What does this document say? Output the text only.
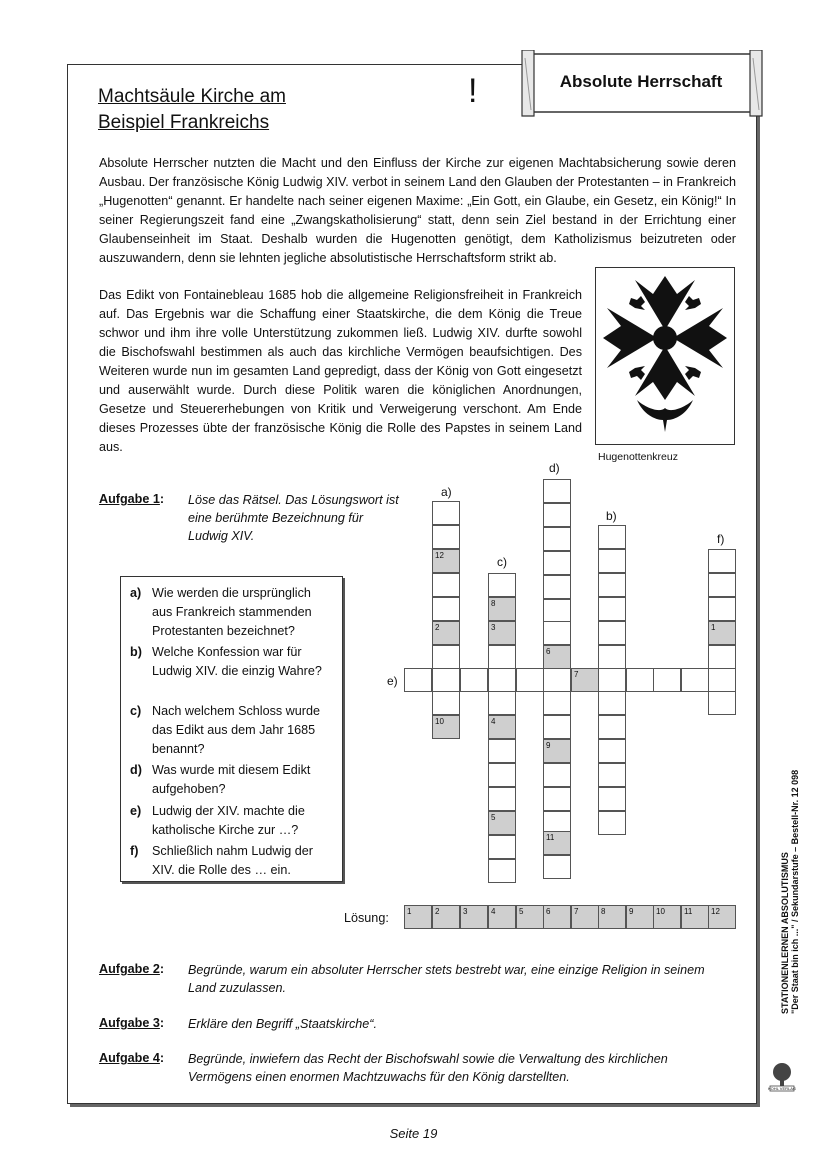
Absolute Herrschaft
!
Machtsäule Kirche am
Beispiel Frankreichs

Absolute Herrscher nutzten die Macht und den Einfluss der Kirche zur eigenen Machtabsicherung sowie deren Ausbau. Der französische König Ludwig XIV. verbot in seinem Land den Glauben der Protestanten – in Frankreich „Hugenotten“ genannt. Er handelte nach seiner eigenen Maxime: „Ein Gott, ein Glaube, ein Gesetz, ein König!“ In seiner Regierungszeit fand eine „Zwangskatholisierung“ statt, denn sein Ziel bestand in der Errichtung einer Glaubenseinheit im Staat. Deshalb wurden die Hugenotten genötigt, dem Katholizismus beizutreten oder auszuwandern, denn sie lehnten jegliche absolutistische Herrschaftsform strikt ab.

Das Edikt von Fontainebleau 1685 hob die allgemeine Religionsfreiheit in Frankreich auf. Das Ergebnis war die Schaffung einer Staatskirche, die dem König die Treue schwor und ihm ihre volle Unterstützung zukommen ließ. Ludwig XIV. durfte sowohl die Bischofswahl bestimmen als auch das kirchliche Vermögen beaufsichtigen. Des Weiteren wurde nun im gesamten Land gepredigt, dass der König von Gott eingesetzt und auserwählt wurde. Durch diese Politik waren die königlichen Anordnungen, Gesetze und Steuererhebungen von Kritik und Verweigerung verschont. Am Ende dieses Prozesses übte der französische König die Rolle des Papstes in seinem Land aus.

Hugenottenkreuz
Aufgabe 1: Löse das Rätsel. Das Lösungswort ist eine berühmte Bezeichnung für Ludwig XIV.
a) Wie werden die ursprünglich aus Frankreich stammenden Protestanten bezeichnet?
b) Welche Konfession war für Ludwig XIV. die einzig Wahre?
c) Nach welchem Schloss wurde das Edikt aus dem Jahr 1685 benannt?
d) Was wurde mit diesem Edikt aufgehoben?
e) Ludwig der XIV. machte die katholische Kirche zur …?
f) Schließlich nahm Ludwig der XIV. die Rolle des … ein.
a)
c)
d)
b)
f)
e)
12
2
10
8
3
4
5
6
9
11
1
7
Lösung: 1	2	3	4	5	6	7	8	9	10 11 12
Aufgabe 2: Begründe, warum ein absoluter Herrscher stets bestrebt war, eine einzige Religion in seinem Land zuzulassen.
Aufgabe 3: Erkläre den Begriff „Staatskirche“.
Aufgabe 4: Begründe, inwiefern das Recht der Bischofswahl sowie die Verwaltung des kirchlichen Vermögens einen enormen Machtzuwachs für den König darstellten.
STATIONENLERNEN ABSOLUTISMUS "Der Staat bin ich ..." / Sekundarstufe – Bestell-Nr. 12 098
KOHL VERLAG
Seite 19
